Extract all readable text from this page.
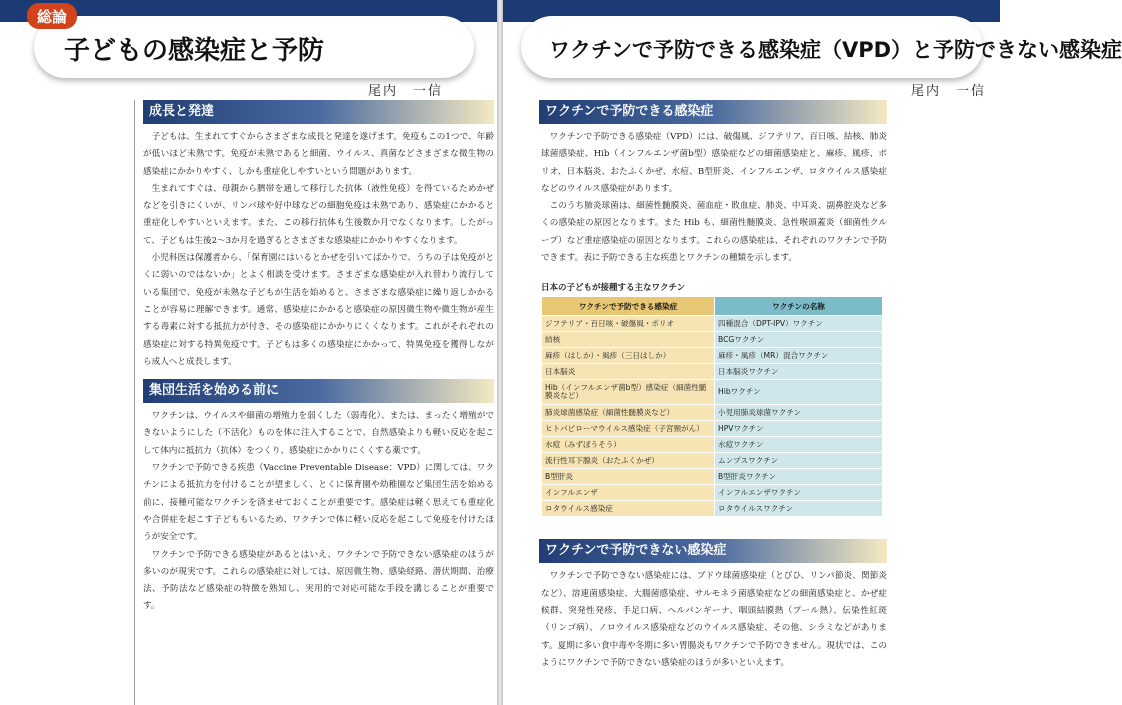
総論
子どもの感染症と予防
尾内　一信
成長と発達

子どもは、生まれてすぐからさまざまな成長と発達を遂げます。免疫もこの1つで、年齢が低いほど未熟です。免疫が未熟であると細菌、ウイルス、真菌などさまざまな微生物の感染症にかかりやすく、しかも重症化しやすいという問題があります。

生まれてすぐは、母親から臍帯を通して移行した抗体（液性免疫）を得ているためかぜなどを引きにくいが、リンパ球や好中球などの細胞免疫は未熟であり、感染症にかかると重症化しやすいといえます。また、この移行抗体も生後数か月でなくなります。したがって、子どもは生後2～3か月を過ぎるとさまざまな感染症にかかりやすくなります。

小児科医は保護者から、「保育園にはいるとかぜを引いてばかりで、うちの子は免疫がとくに弱いのではないか」とよく相談を受けます。さまざまな感染症が入れ替わり流行している集団で、免疫が未熟な子どもが生活を始めると、さまざまな感染症に繰り返しかかることが容易に理解できます。通常、感染症にかかると感染症の原因微生物や微生物が産生する毒素に対する抵抗力が付き、その感染症にかかりにくくなります。これがそれぞれの感染症に対する特異免疫です。子どもは多くの感染症にかかって、特異免疫を獲得しながら成人へと成長します。

集団生活を始める前に

ワクチンは、ウイルスや細菌の増殖力を弱くした（弱毒化）、または、まったく増殖ができないようにした（不活化）ものを体に注入することで、自然感染よりも軽い反応を起こして体内に抵抗力（抗体）をつくり、感染症にかかりにくくする薬です。

ワクチンで予防できる疾患（Vaccine Preventable Disease：VPD）に関しては、ワクチンによる抵抗力を付けることが望ましく、とくに保育園や幼稚園など集団生活を始める前に、接種可能なワクチンを済ませておくことが重要です。感染症は軽く思えても重症化や合併症を起こす子どももいるため、ワクチンで体に軽い反応を起こして免疫を付けたほうが安全です。

ワクチンで予防できる感染症があるとはいえ、ワクチンで予防できない感染症のほうが多いのが現実です。これらの感染症に対しては、原因微生物、感染経路、潜伏期間、治療法、予防法など感染症の特徴を熟知し、実用的で対応可能な手段を講じることが重要です。

ワクチンで予防できる感染症（VPD）と予防できない感染症
尾内　一信
ワクチンで予防できる感染症

ワクチンで予防できる感染症（VPD）には、破傷風、ジフテリア、百日咳、結核、肺炎球菌感染症、Hib（インフルエンザ菌b型）感染症などの細菌感染症と、麻疹、風疹、ポリオ、日本脳炎、おたふくかぜ、水痘、B型肝炎、インフルエンザ、ロタウイルス感染症などのウイルス感染症があります。

このうち肺炎球菌は、細菌性髄膜炎、菌血症・敗血症、肺炎、中耳炎、副鼻腔炎など多くの感染症の原因となります。また Hib も、細菌性髄膜炎、急性喉頭蓋炎（細菌性クループ）など重症感染症の原因となります。これらの感染症は、それぞれのワクチンで予防できます。表に予防できる主な疾患とワクチンの種類を示します。

日本の子どもが接種する主なワクチン
ワクチンで予防できる感染症	ワクチンの名称
ジフテリア・百日咳・破傷風・ポリオ	四種混合（DPT-IPV）ワクチン
結核	BCGワクチン
麻疹（はしか）・風疹（三日はしか）	麻疹・風疹（MR）混合ワクチン
日本脳炎	日本脳炎ワクチン
Hib（インフルエンザ菌b型）感染症（細菌性髄膜炎など）	Hibワクチン
肺炎球菌感染症（細菌性髄膜炎など）	小児用肺炎球菌ワクチン
ヒトパピローマウイルス感染症（子宮頸がん）	HPVワクチン
水痘（みずぼうそう）	水痘ワクチン
流行性耳下腺炎（おたふくかぜ）	ムンプスワクチン
B型肝炎	B型肝炎ワクチン
インフルエンザ	インフルエンザワクチン
ロタウイルス感染症	ロタウイルスワクチン
ワクチンで予防できない感染症

ワクチンで予防できない感染症には、ブドウ球菌感染症（とびひ、リンパ節炎、関節炎など）、溶連菌感染症、大腸菌感染症、サルモネラ菌感染症などの細菌感染症と、かぜ症候群、突発性発疹、手足口病、ヘルパンギーナ、咽頭結膜熱（プール熱）、伝染性紅斑（リンゴ病）、ノロウイルス感染症などのウイルス感染症、その他、シラミなどがあります。夏期に多い食中毒や冬期に多い胃腸炎もワクチンで予防できません。現状では、このようにワクチンで予防できない感染症のほうが多いといえます。
